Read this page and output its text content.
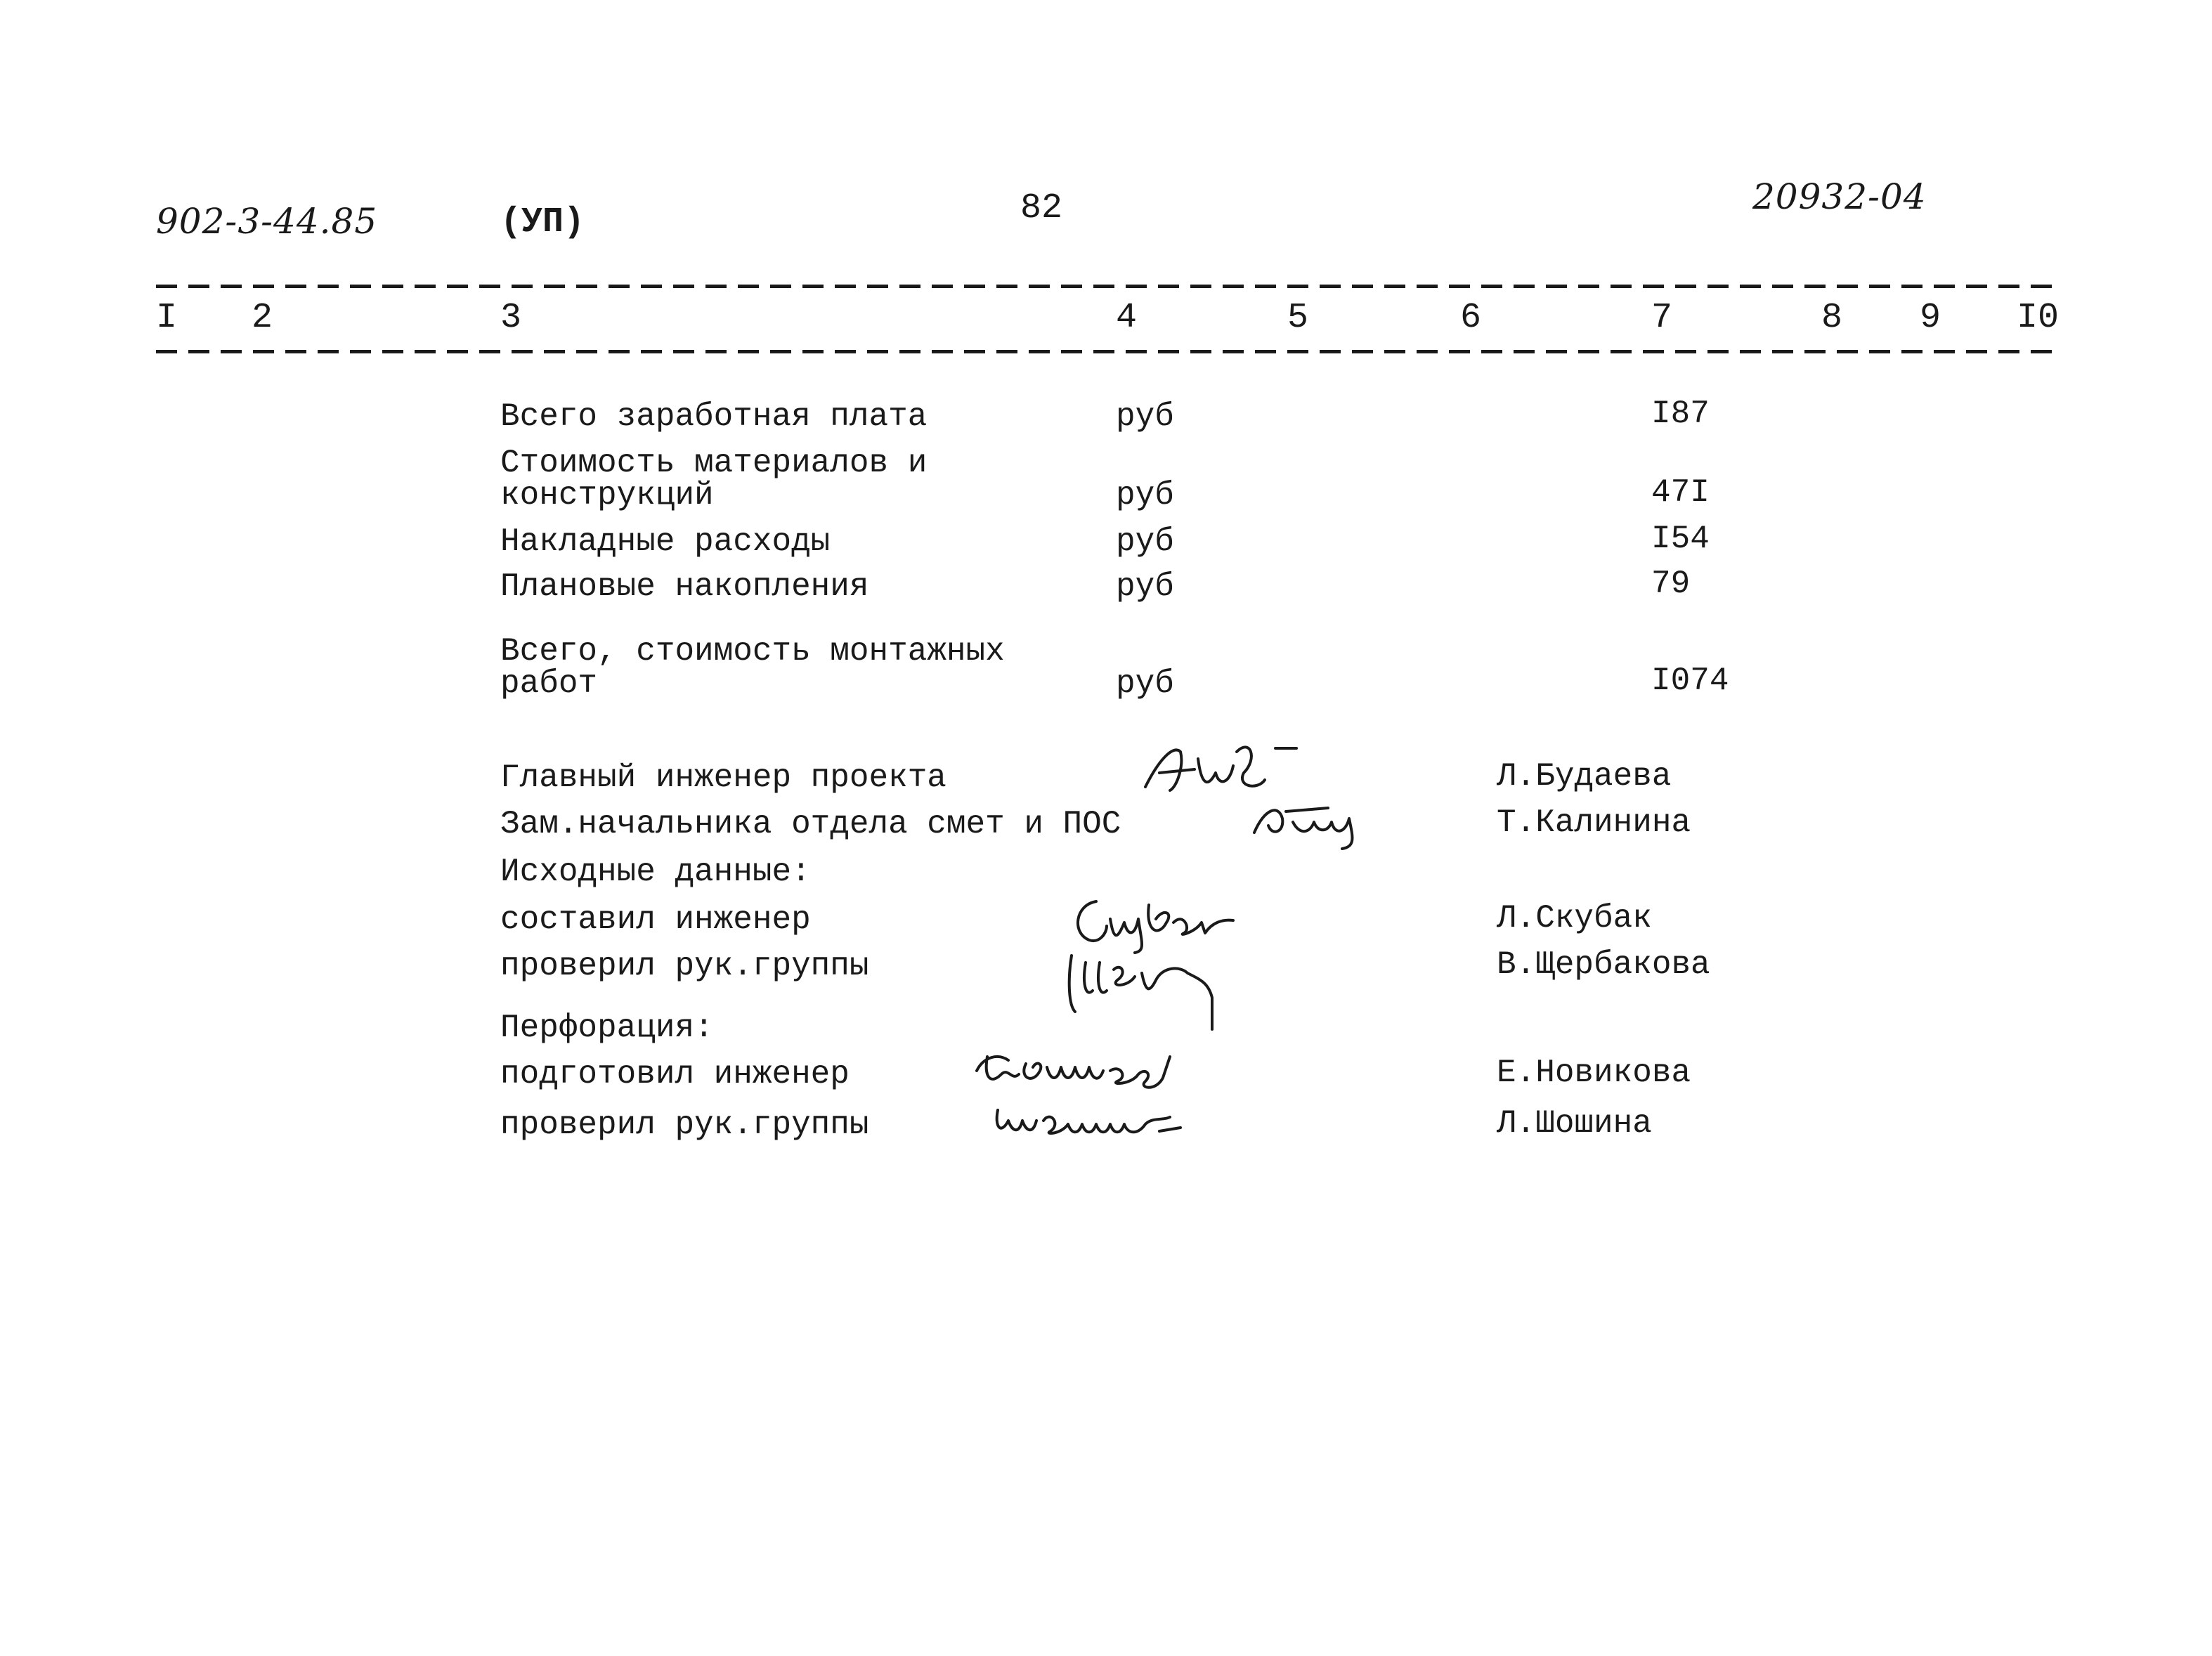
902-3-44.85	(УП)	82	20932-04
I 2	3	4	5	6	7	8 9 I0
Всего заработная плата	руб	I87
Стоимость материалов и
конструкций	руб	47I
Накладные расходы	руб	I54
Плановые накопления	руб	79
Всего, стоимость монтажных
работ	руб	I074
Главный инженер проекта	Л.Будаева
Зам.начальника отдела смет и ПОС	Т.Калинина
Исходные данные:
составил инженер	Л.Скубак
проверил рук.группы	В.Щербакова
Перфорация:
подготовил инженер	Е.Новикова
проверил рук.группы	Л.Шошина
